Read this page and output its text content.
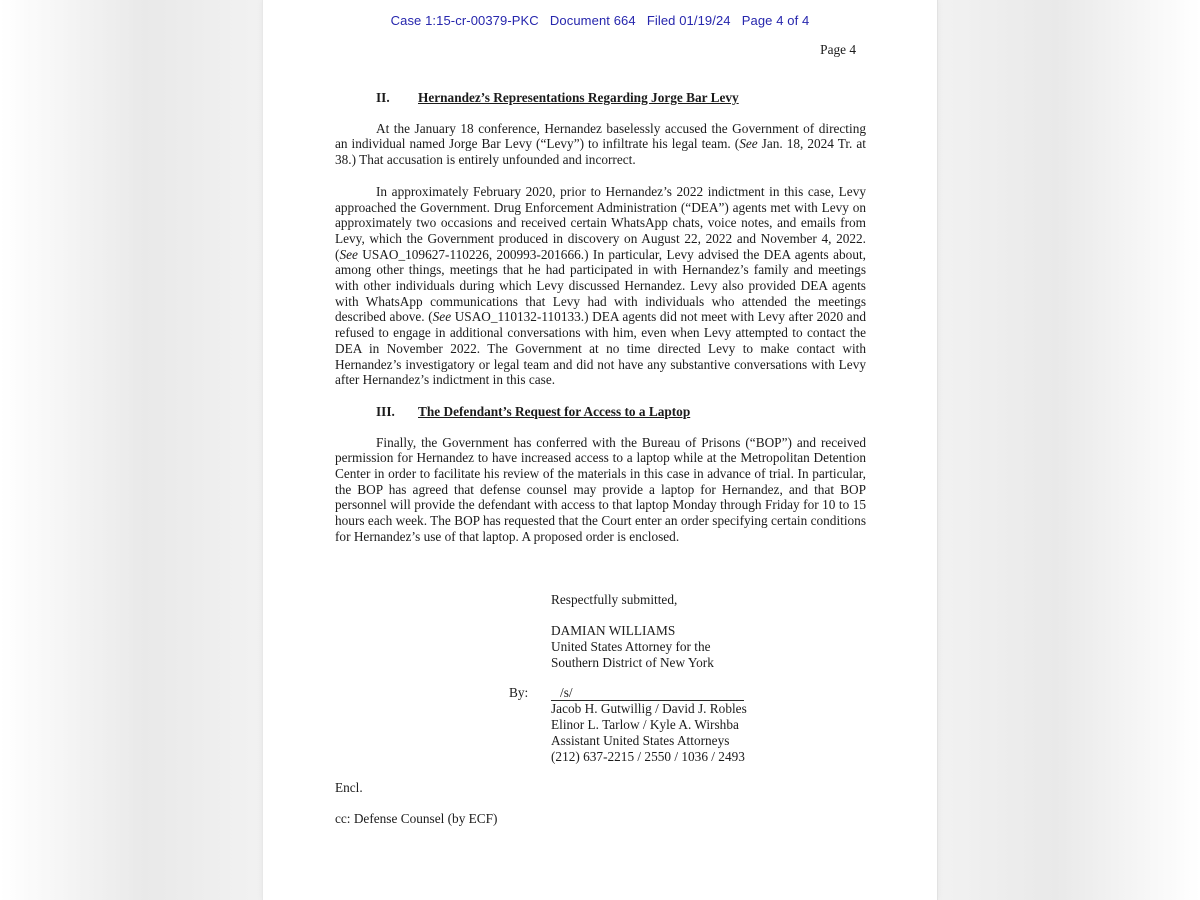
Case 1:15-cr-00379-PKC   Document 664   Filed 01/19/24   Page 4 of 4
Page 4
II. Hernandez’s Representations Regarding Jorge Bar Levy

At the January 18 conference, Hernandez baselessly accused the Government of directing an individual named Jorge Bar Levy (“Levy”) to infiltrate his legal team. (See Jan. 18, 2024 Tr. at 38.) That accusation is entirely unfounded and incorrect.

In approximately February 2020, prior to Hernandez’s 2022 indictment in this case, Levy approached the Government. Drug Enforcement Administration (“DEA”) agents met with Levy on approximately two occasions and received certain WhatsApp chats, voice notes, and emails from Levy, which the Government produced in discovery on August 22, 2022 and November 4, 2022. (See USAO_109627-110226, 200993-201666.) In particular, Levy advised the DEA agents about, among other things, meetings that he had participated in with Hernandez’s family and meetings with other individuals during which Levy discussed Hernandez. Levy also provided DEA agents with WhatsApp communications that Levy had with individuals who attended the meetings described above. (See USAO_110132-110133.) DEA agents did not meet with Levy after 2020 and refused to engage in additional conversations with him, even when Levy attempted to contact the DEA in November 2022. The Government at no time directed Levy to make contact with Hernandez’s investigatory or legal team and did not have any substantive conversations with Levy after Hernandez’s indictment in this case.

III. The Defendant’s Request for Access to a Laptop

Finally, the Government has conferred with the Bureau of Prisons (“BOP”) and received permission for Hernandez to have increased access to a laptop while at the Metropolitan Detention Center in order to facilitate his review of the materials in this case in advance of trial. In particular, the BOP has agreed that defense counsel may provide a laptop for Hernandez, and that BOP personnel will provide the defendant with access to that laptop Monday through Friday for 10 to 15 hours each week. The BOP has requested that the Court enter an order specifying certain conditions for Hernandez’s use of that laptop. A proposed order is enclosed.

Respectfully submitted,
DAMIAN WILLIAMS
United States Attorney for the
Southern District of New York
By: /s/
Jacob H. Gutwillig / David J. Robles
Elinor L. Tarlow / Kyle A. Wirshba
Assistant United States Attorneys
(212) 637-2215 / 2550 / 1036 / 2493
Encl.
cc: Defense Counsel (by ECF)
